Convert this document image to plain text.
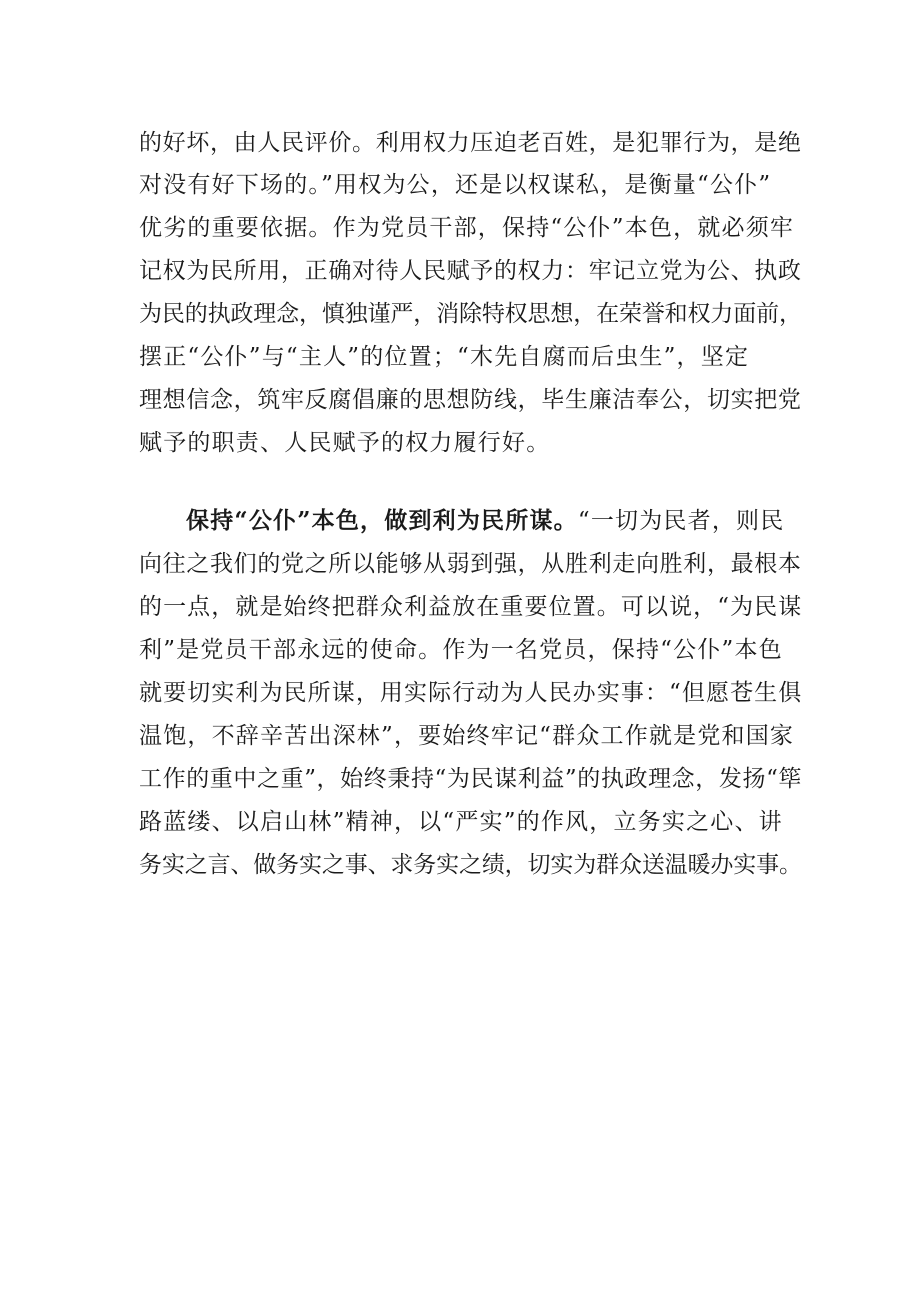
的好坏，由人民评价。利用权力压迫老百姓，是犯罪行为，是绝
对没有好下场的。”用权为公，还是以权谋私，是衡量“公仆”
优劣的重要依据。作为党员干部，保持“公仆”本色，就必须牢
记权为民所用，正确对待人民赋予的权力：牢记立党为公、执政
为民的执政理念，慎独谨严，消除特权思想，在荣誉和权力面前，
摆正“公仆”与“主人”的位置；“木先自腐而后虫生”，坚定
理想信念，筑牢反腐倡廉的思想防线，毕生廉洁奉公，切实把党
赋予的职责、人民赋予的权力履行好。
保持“公仆”本色，做到利为民所谋。“一切为民者，则民
向往之我们的党之所以能够从弱到强，从胜利走向胜利，最根本
的一点，就是始终把群众利益放在重要位置。可以说，“为民谋
利”是党员干部永远的使命。作为一名党员，保持“公仆”本色
就要切实利为民所谋，用实际行动为人民办实事：“但愿苍生俱
温饱，不辞辛苦出深林”，要始终牢记“群众工作就是党和国家
工作的重中之重”，始终秉持“为民谋利益”的执政理念，发扬“筚
路蓝缕、以启山林”精神，以“严实”的作风，立务实之心、讲
务实之言、做务实之事、求务实之绩，切实为群众送温暖办实事。
